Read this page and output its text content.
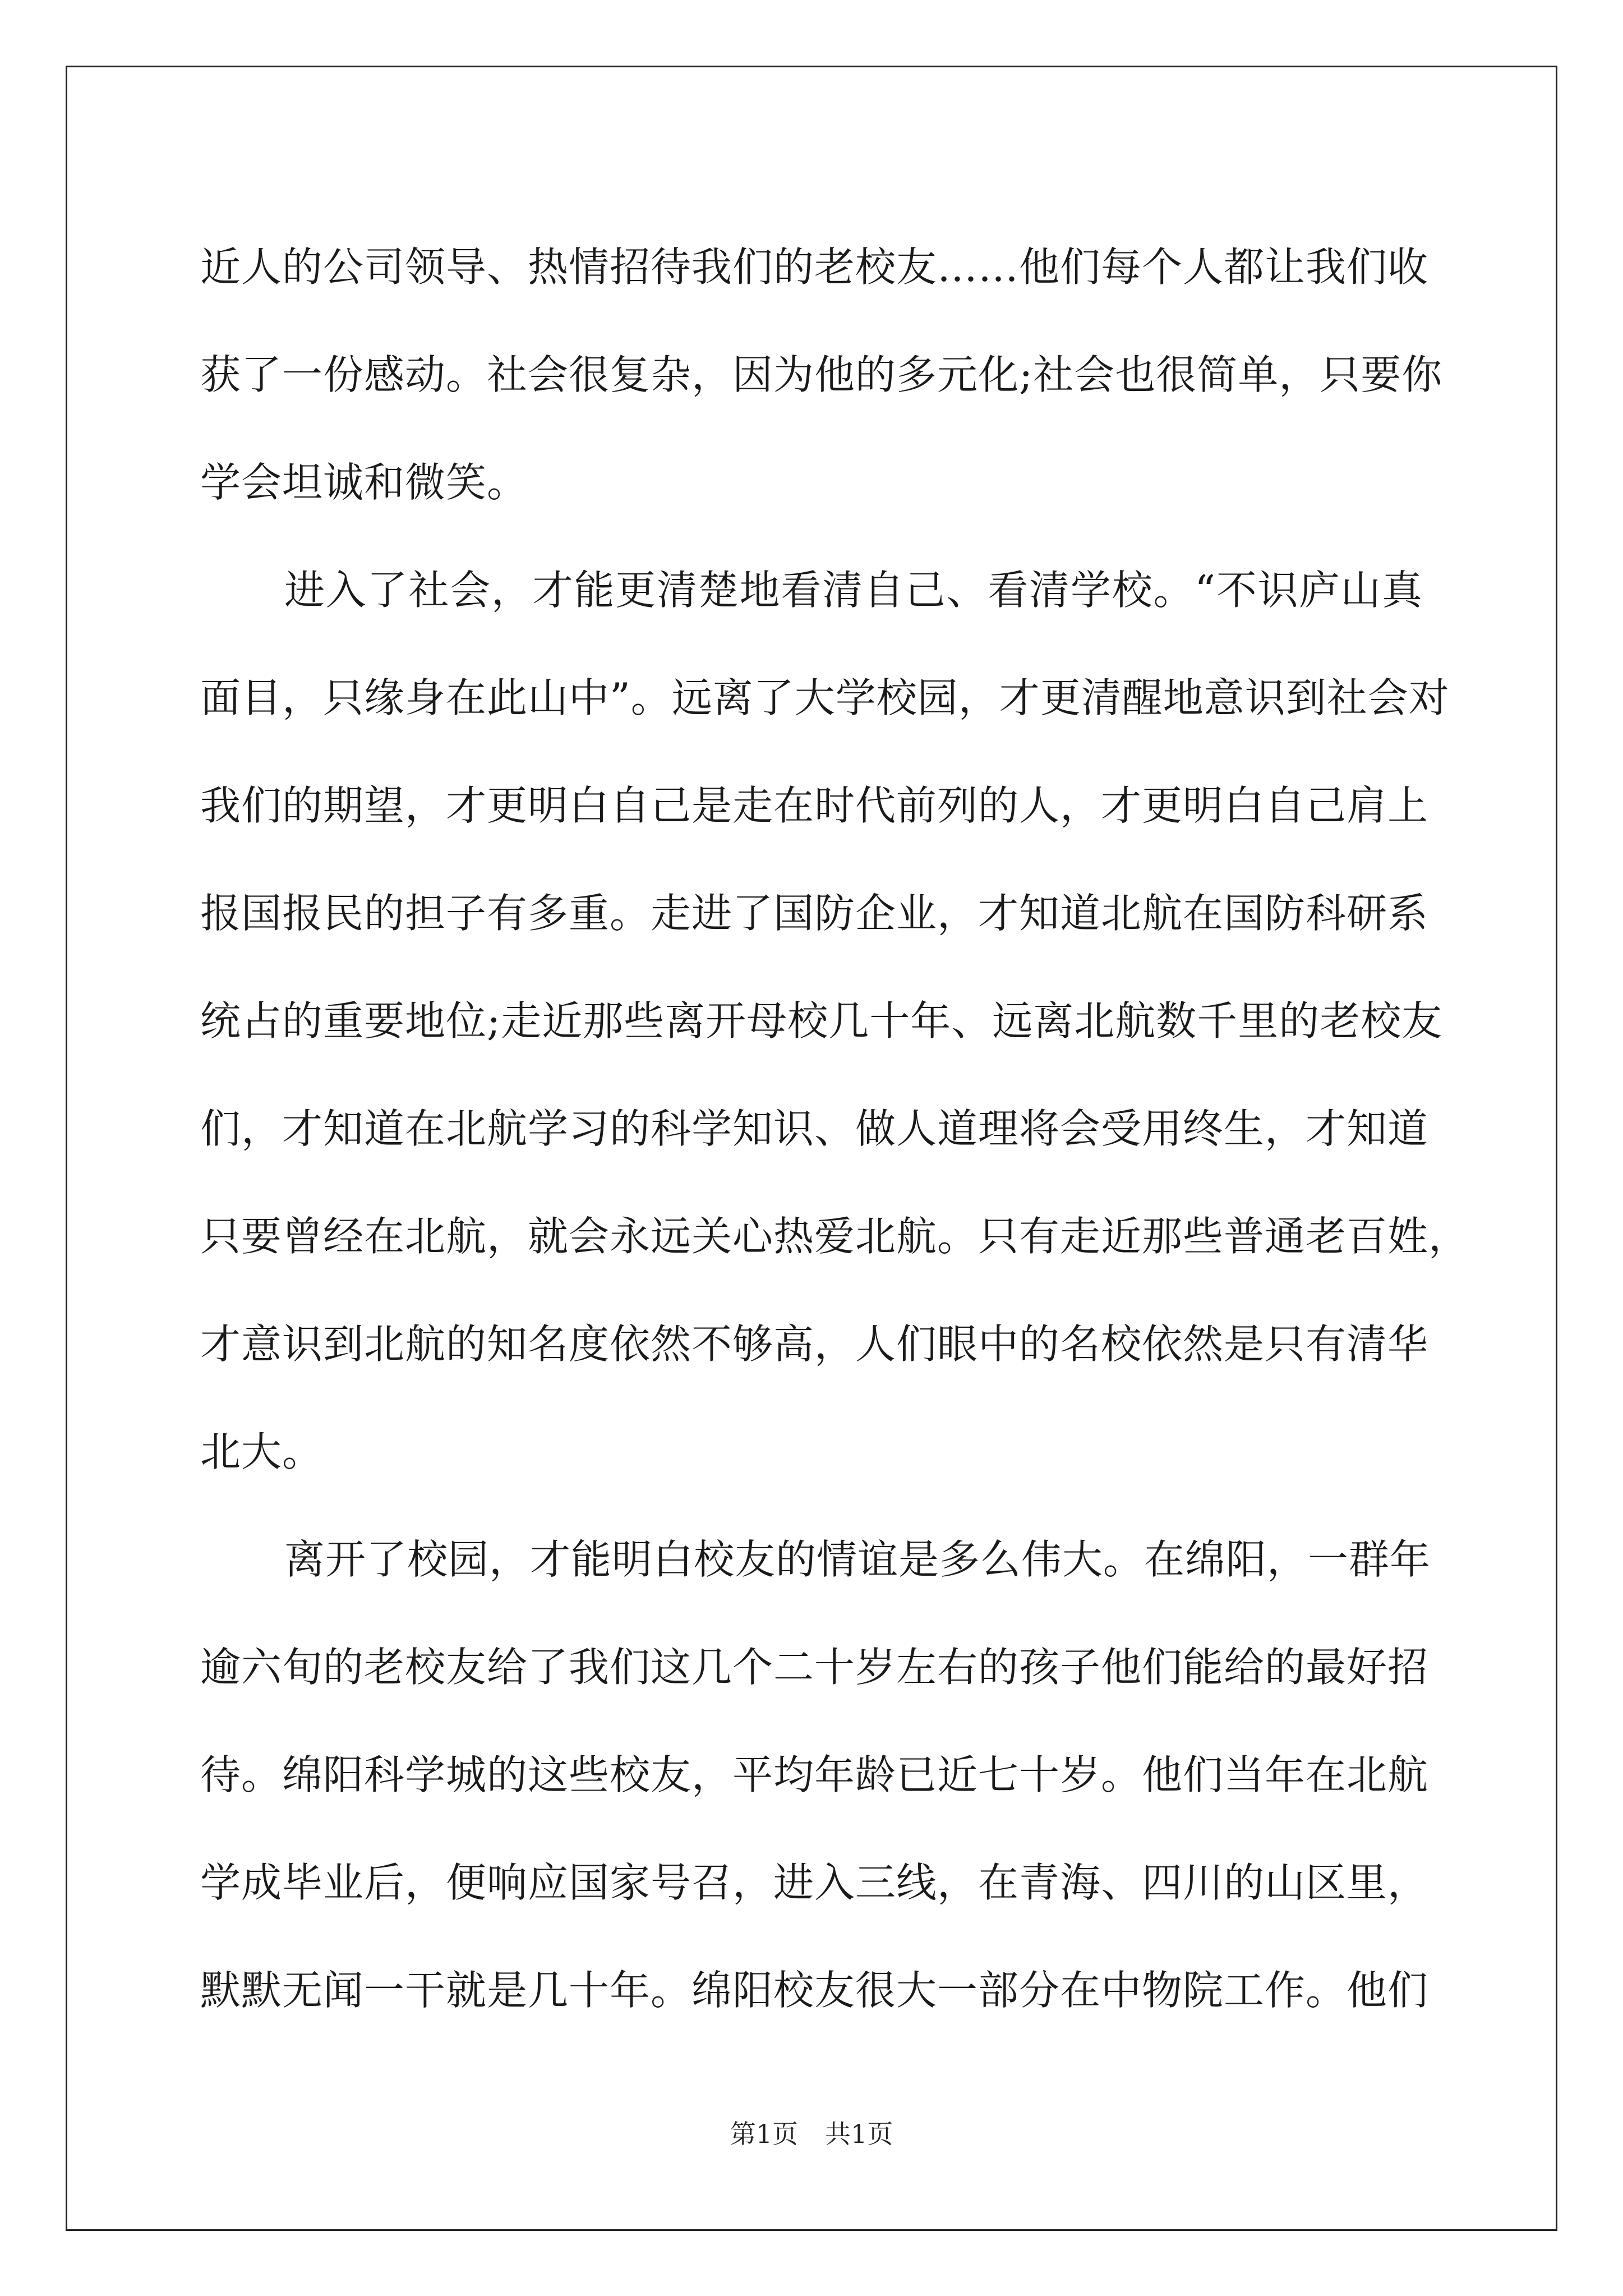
近人的公司领导、热情招待我们的老校友……他们每个人都让我们收
获了一份感动。社会很复杂，因为他的多元化;社会也很简单，只要你
学会坦诚和微笑。
进入了社会，才能更清楚地看清自己、看清学校。“不识庐山真
面目，只缘身在此山中”。远离了大学校园，才更清醒地意识到社会对
我们的期望，才更明白自己是走在时代前列的人，才更明白自己肩上
报国报民的担子有多重。走进了国防企业，才知道北航在国防科研系
统占的重要地位;走近那些离开母校几十年、远离北航数千里的老校友
们，才知道在北航学习的科学知识、做人道理将会受用终生，才知道
只要曾经在北航，就会永远关心热爱北航。只有走近那些普通老百姓，
才意识到北航的知名度依然不够高，人们眼中的名校依然是只有清华
北大。
离开了校园，才能明白校友的情谊是多么伟大。在绵阳，一群年
逾六旬的老校友给了我们这几个二十岁左右的孩子他们能给的最好招
待。绵阳科学城的这些校友，平均年龄已近七十岁。他们当年在北航
学成毕业后，便响应国家号召，进入三线，在青海、四川的山区里，
默默无闻一干就是几十年。绵阳校友很大一部分在中物院工作。他们
第1页 共1页
